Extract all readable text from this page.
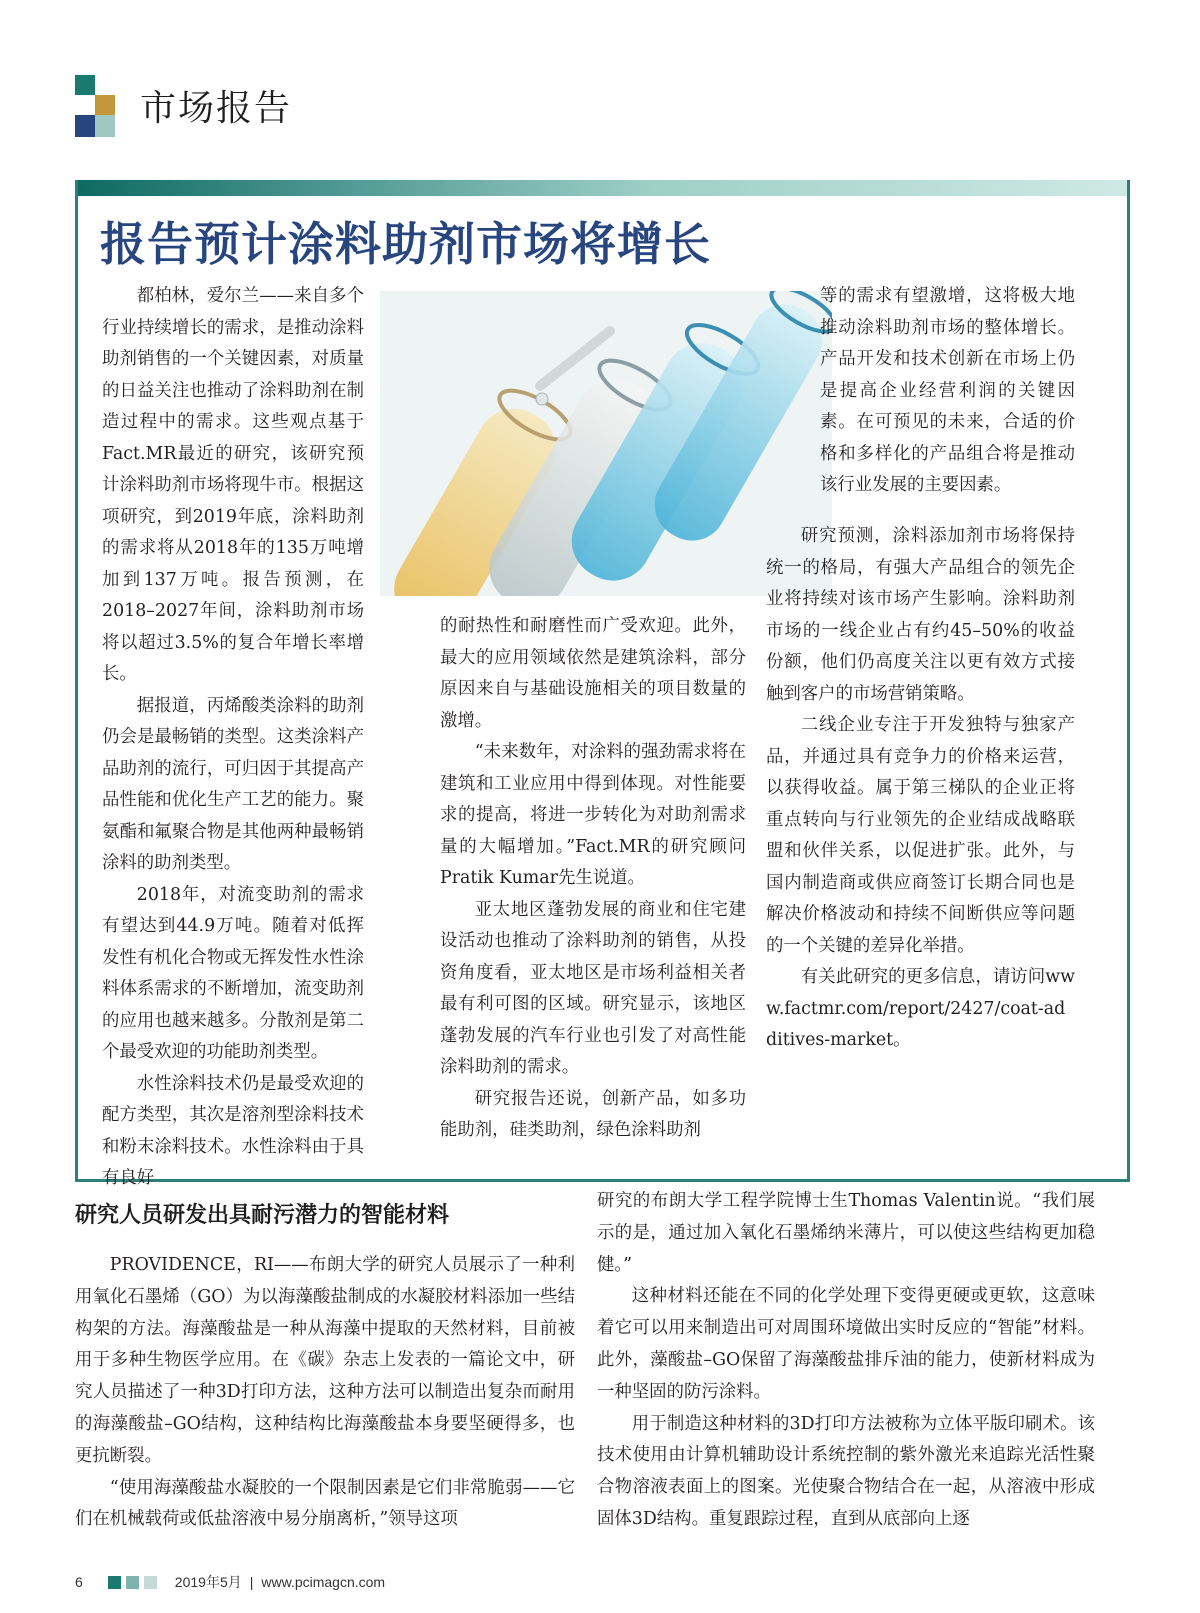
市场报告
报告预计涂料助剂市场将增长

都柏林，爱尔兰——来自多个行业持续增长的需求，是推动涂料助剂销售的一个关键因素，对质量的日益关注也推动了涂料助剂在制造过程中的需求。这些观点基于Fact.MR最近的研究，该研究预计涂料助剂市场将现牛市。根据这项研究，到2019年底，涂料助剂的需求将从2018年的135万吨增加到137万吨。报告预测，在2018–2027年间，涂料助剂市场将以超过3.5%的复合年增长率增长。

据报道，丙烯酸类涂料的助剂仍会是最畅销的类型。这类涂料产品助剂的流行，可归因于其提高产品性能和优化生产工艺的能力。聚氨酯和氟聚合物是其他两种最畅销涂料的助剂类型。

2018年，对流变助剂的需求有望达到44.9万吨。随着对低挥发性有机化合物或无挥发性水性涂料体系需求的不断增加，流变助剂的应用也越来越多。分散剂是第二个最受欢迎的功能助剂类型。

水性涂料技术仍是最受欢迎的配方类型，其次是溶剂型涂料技术和粉末涂料技术。水性涂料由于具有良好

的耐热性和耐磨性而广受欢迎。此外，最大的应用领域依然是建筑涂料，部分原因来自与基础设施相关的项目数量的激增。

“未来数年，对涂料的强劲需求将在建筑和工业应用中得到体现。对性能要求的提高，将进一步转化为对助剂需求量的大幅增加。”Fact.MR的研究顾问Pratik Kumar先生说道。

亚太地区蓬勃发展的商业和住宅建设活动也推动了涂料助剂的销售，从投资角度看，亚太地区是市场利益相关者最有利可图的区域。研究显示，该地区蓬勃发展的汽车行业也引发了对高性能涂料助剂的需求。

研究报告还说，创新产品，如多功能助剂，硅类助剂，绿色涂料助剂

等的需求有望激增，这将极大地推动涂料助剂市场的整体增长。产品开发和技术创新在市场上仍是提高企业经营利润的关键因素。在可预见的未来，合适的价格和多样化的产品组合将是推动该行业发展的主要因素。

研究预测，涂料添加剂市场将保持统一的格局，有强大产品组合的领先企业将持续对该市场产生影响。涂料助剂市场的一线企业占有约45–50%的收益份额，他们仍高度关注以更有效方式接触到客户的市场营销策略。

二线企业专注于开发独特与独家产品，并通过具有竞争力的价格来运营，以获得收益。属于第三梯队的企业正将重点转向与行业领先的企业结成战略联盟和伙伴关系，以促进扩张。此外，与国内制造商或供应商签订长期合同也是解决价格波动和持续不间断供应等问题的一个关键的差异化举措。

有关此研究的更多信息，请访问www.factmr.com/report/2427/coat-additives-market。

研究人员研发出具耐污潜力的智能材料

PROVIDENCE，RI——布朗大学的研究人员展示了一种利用氧化石墨烯（GO）为以海藻酸盐制成的水凝胶材料添加一些结构架的方法。海藻酸盐是一种从海藻中提取的天然材料，目前被用于多种生物医学应用。在《碳》杂志上发表的一篇论文中，研究人员描述了一种3D打印方法，这种方法可以制造出复杂而耐用的海藻酸盐–GO结构，这种结构比海藻酸盐本身要坚硬得多，也更抗断裂。

“使用海藻酸盐水凝胶的一个限制因素是它们非常脆弱——它们在机械载荷或低盐溶液中易分崩离析，”领导这项

研究的布朗大学工程学院博士生Thomas Valentin说。“我们展示的是，通过加入氧化石墨烯纳米薄片，可以使这些结构更加稳健。”

这种材料还能在不同的化学处理下变得更硬或更软，这意味着它可以用来制造出可对周围环境做出实时反应的“智能”材料。此外，藻酸盐–GO保留了海藻酸盐排斥油的能力，使新材料成为一种坚固的防污涂料。

用于制造这种材料的3D打印方法被称为立体平版印刷术。该技术使用由计算机辅助设计系统控制的紫外激光来追踪光活性聚合物溶液表面上的图案。光使聚合物结合在一起，从溶液中形成固体3D结构。重复跟踪过程，直到从底部向上逐

6	2019年5月 | www.pcimagcn.com
